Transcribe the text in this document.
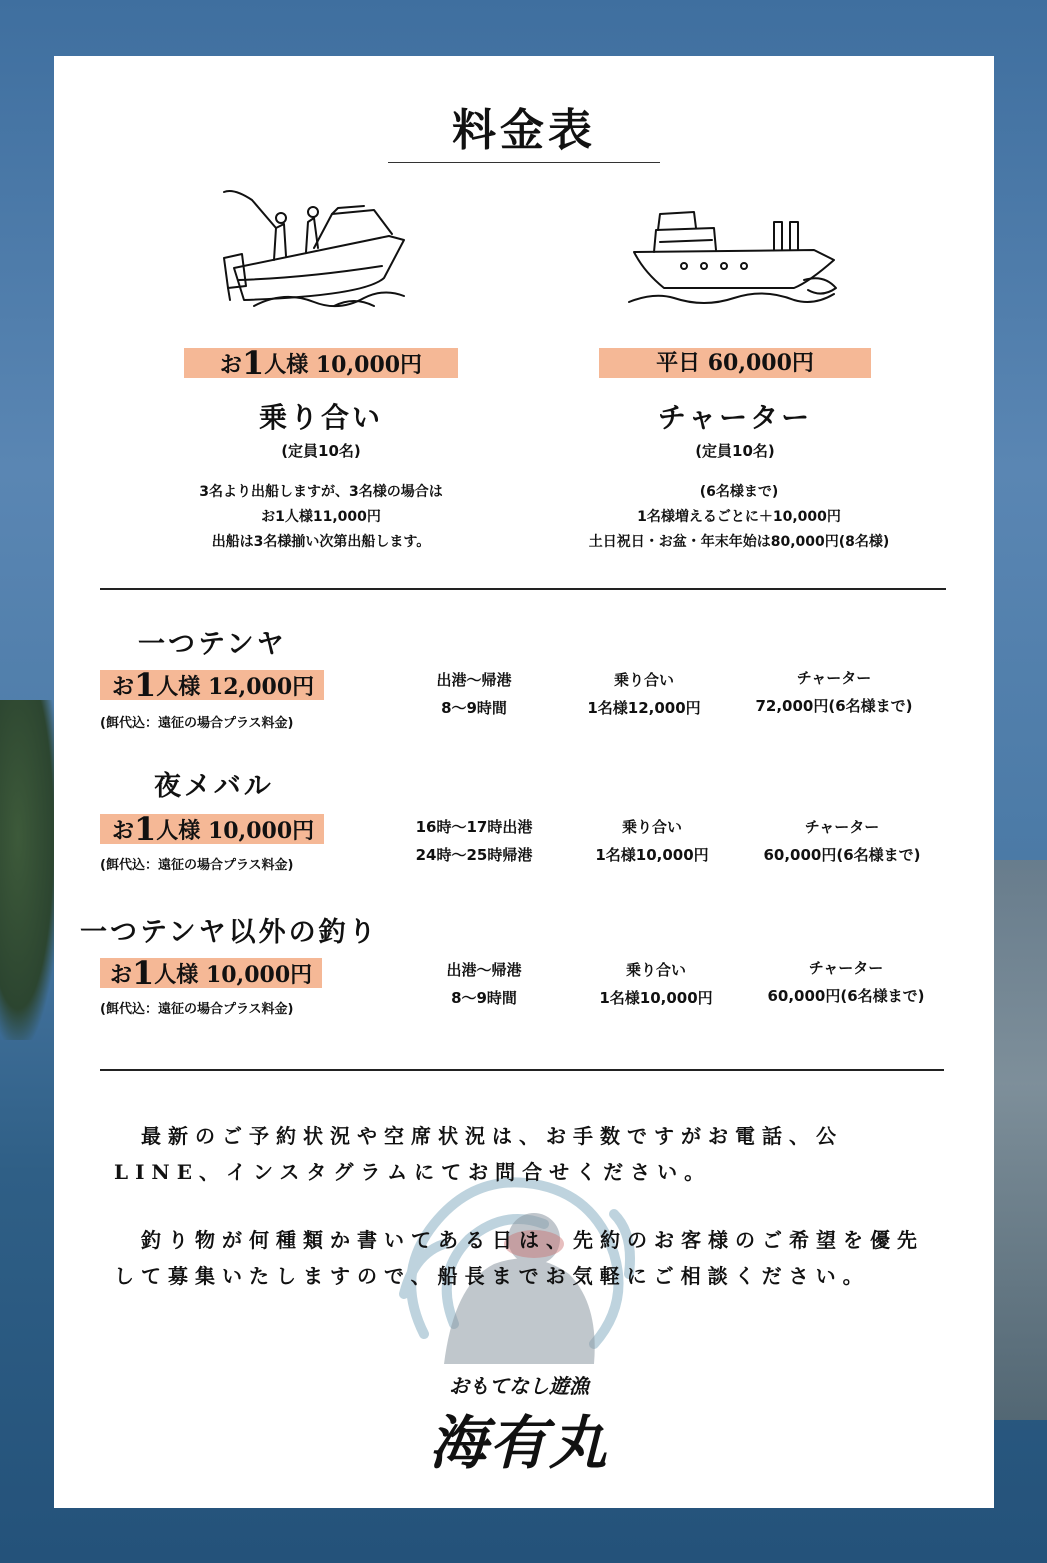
料金表
お1人様 10,000円
乗り合い
(定員10名)
3名より出船しますが、3名様の場合は
お1人様11,000円
出船は3名様揃い次第出船します。
平日 60,000円
チャーター
(定員10名)
(6名様まで)
1名様増えるごとに＋10,000円
土日祝日・お盆・年末年始は80,000円(8名様)
一つテンヤ
お1人様 12,000円
(餌代込：遠征の場合プラス料金)
出港～帰港
8～9時間
乗り合い
1名様12,000円
チャーター
72,000円(6名様まで)
夜メバル
お1人様 10,000円
(餌代込：遠征の場合プラス料金)
16時～17時出港
24時～25時帰港
乗り合い
1名様10,000円
チャーター
60,000円(6名様まで)
一つテンヤ以外の釣り
お1人様 10,000円
(餌代込：遠征の場合プラス料金)
出港～帰港
8～9時間
乗り合い
1名様10,000円
チャーター
60,000円(6名様まで)
おもてなし遊漁
海有丸
　最新のご予約状況や空席状況は、お手数ですがお電話、公LINE、インスタグラムにてお問合せください。
　釣り物が何種類か書いてある日は、先約のお客様のご希望を優先して募集いたしますので、船長までお気軽にご相談ください。
